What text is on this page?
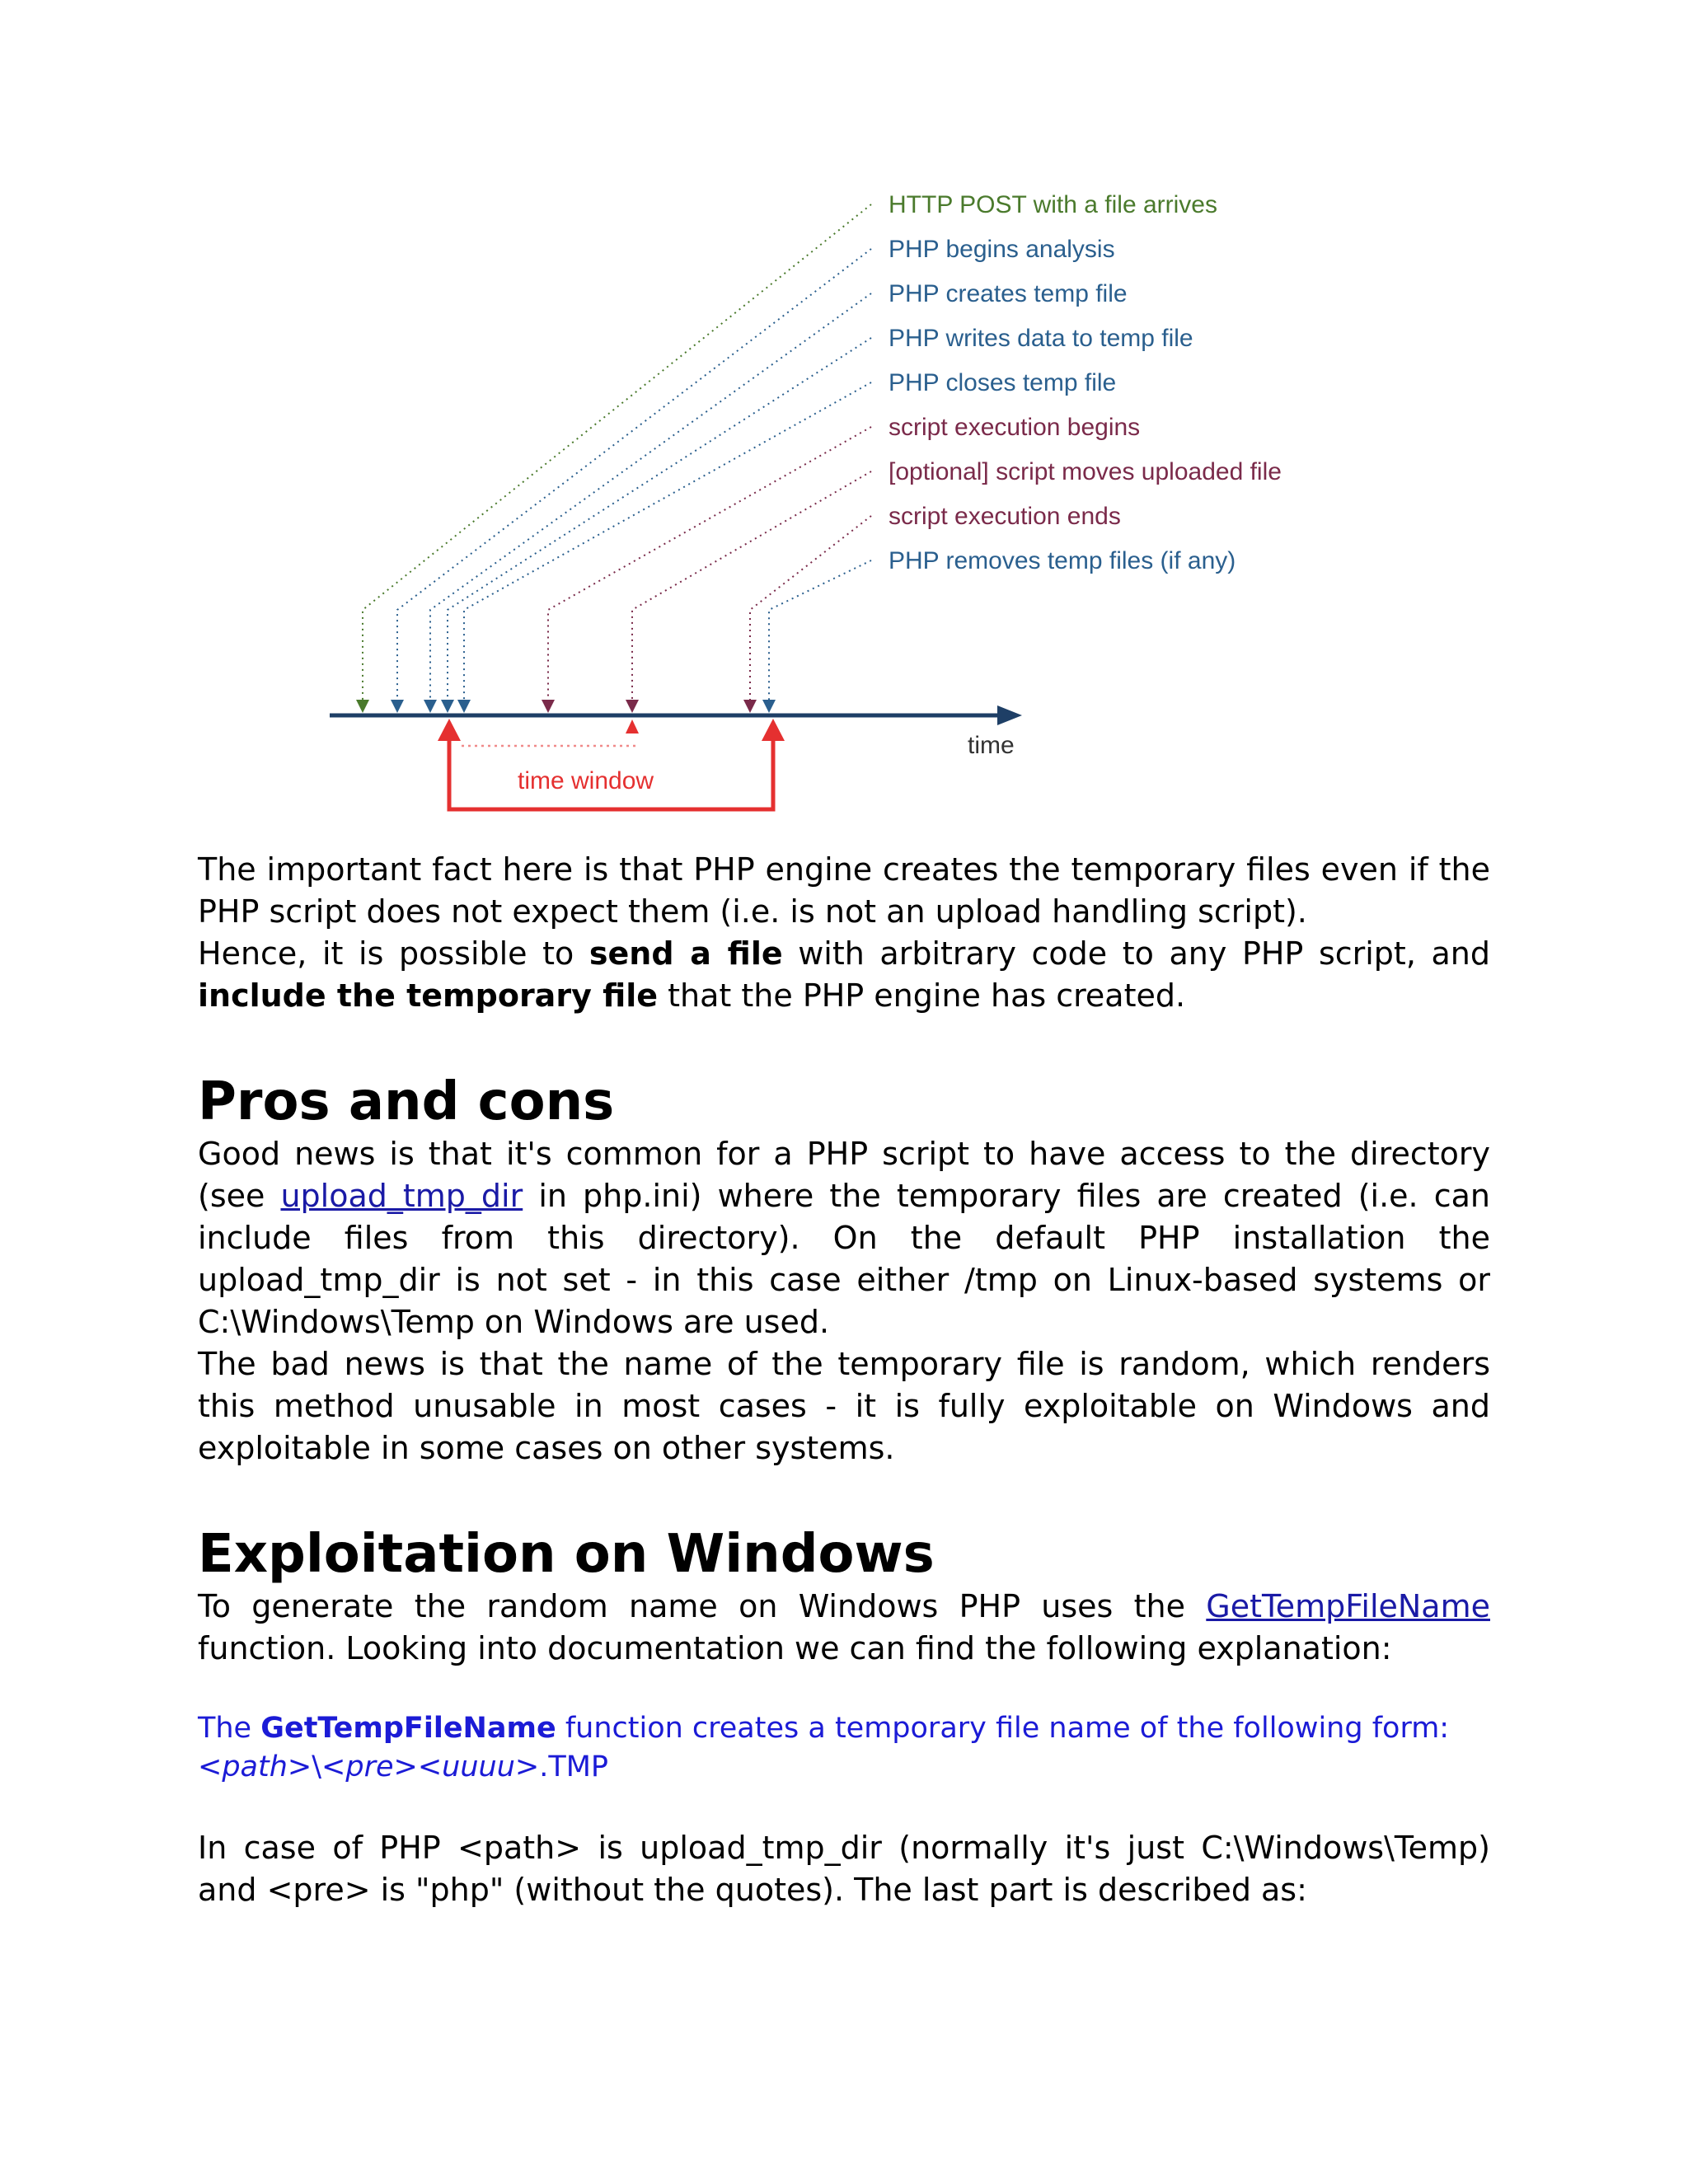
HTTP POST with a file arrives
PHP begins analysis
PHP creates temp file
PHP writes data to temp file
PHP closes temp file
script execution begins
[optional] script moves uploaded file
script execution ends
PHP removes temp files (if any)
time
time window

The important fact here is that PHP engine creates the temporary files even if the PHP script does not expect them (i.e. is not an upload handling script).

Hence, it is possible to send a file with arbitrary code to any PHP script, and include the temporary file that the PHP engine has created.

Pros and cons

Good news is that it's common for a PHP script to have access to the directory (see upload_tmp_dir in php.ini) where the temporary files are created (i.e. can include files from this directory). On the default PHP installation the upload_tmp_dir is not set - in this case either /tmp on Linux-based systems or C:\Windows\Temp on Windows are used.

The bad news is that the name of the temporary file is random, which renders this method unusable in most cases - it is fully exploitable on Windows and exploitable in some cases on other systems.

Exploitation on Windows

To generate the random name on Windows PHP uses the GetTempFileName function. Looking into documentation we can find the following explanation:

The GetTempFileName function creates a temporary file name of the following form:

<path>\<pre><uuuu>.TMP

In case of PHP <path> is upload_tmp_dir (normally it's just C:\Windows\Temp) and <pre> is "php" (without the quotes). The last part is described as:
